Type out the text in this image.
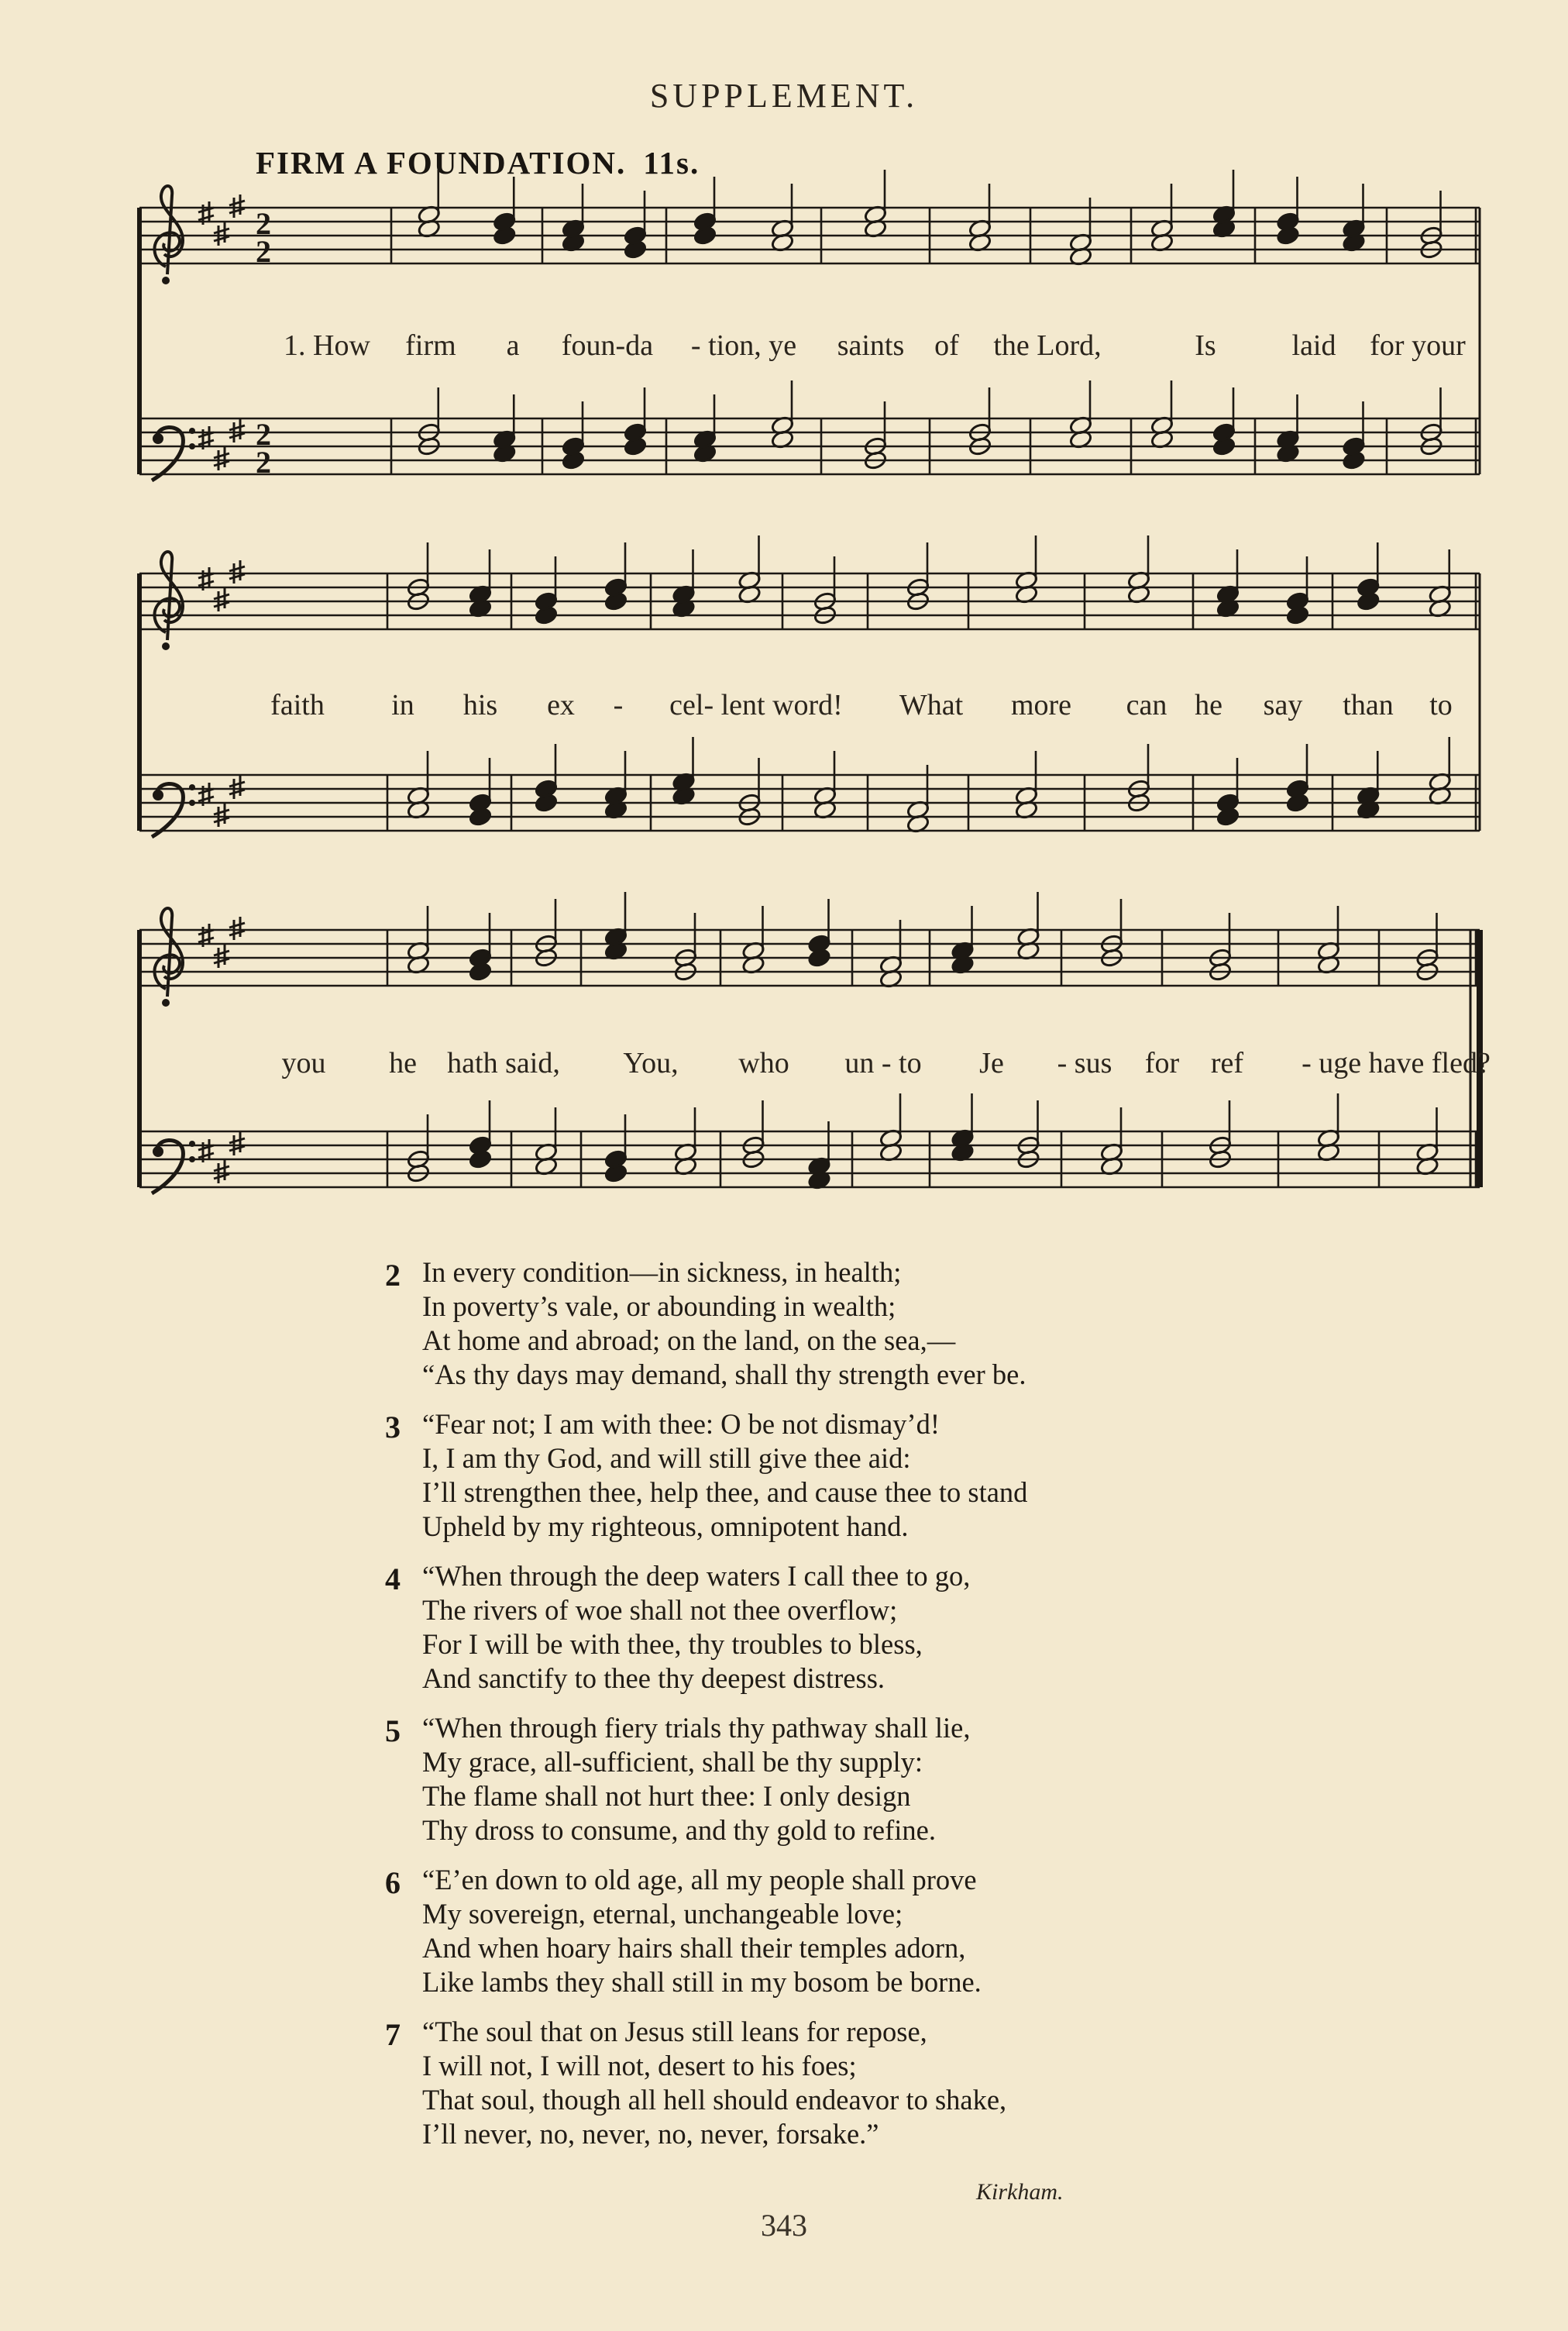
SUPPLEMENT.
FIRM A FOUNDATION. 11s.
2
2
2
2
1. How firm a foun-da - tion, ye saints of the Lord,	Is	laid for your
faith in his ex - cel- lent word! What more can he say than to
you he hath said, You, who un - to Je - sus for ref - uge have fled?
2 In every condition—in sickness, in health;
In poverty’s vale, or abounding in wealth;
At home and abroad; on the land, on the sea,—
“As thy days may demand, shall thy strength ever be.
3 “Fear not; I am with thee: O be not dismay’d!
I, I am thy God, and will still give thee aid:
I’ll strengthen thee, help thee, and cause thee to stand
Upheld by my righteous, omnipotent hand.
4 “When through the deep waters I call thee to go,
The rivers of woe shall not thee overflow;
For I will be with thee, thy troubles to bless,
And sanctify to thee thy deepest distress.
5 “When through fiery trials thy pathway shall lie,
My grace, all-sufficient, shall be thy supply:
The flame shall not hurt thee: I only design
Thy dross to consume, and thy gold to refine.
6 “E’en down to old age, all my people shall prove
My sovereign, eternal, unchangeable love;
And when hoary hairs shall their temples adorn,
Like lambs they shall still in my bosom be borne.
7 “The soul that on Jesus still leans for repose,
I will not, I will not, desert to his foes;
That soul, though all hell should endeavor to shake,
I’ll never, no, never, no, never, forsake.”
Kirkham.
343
